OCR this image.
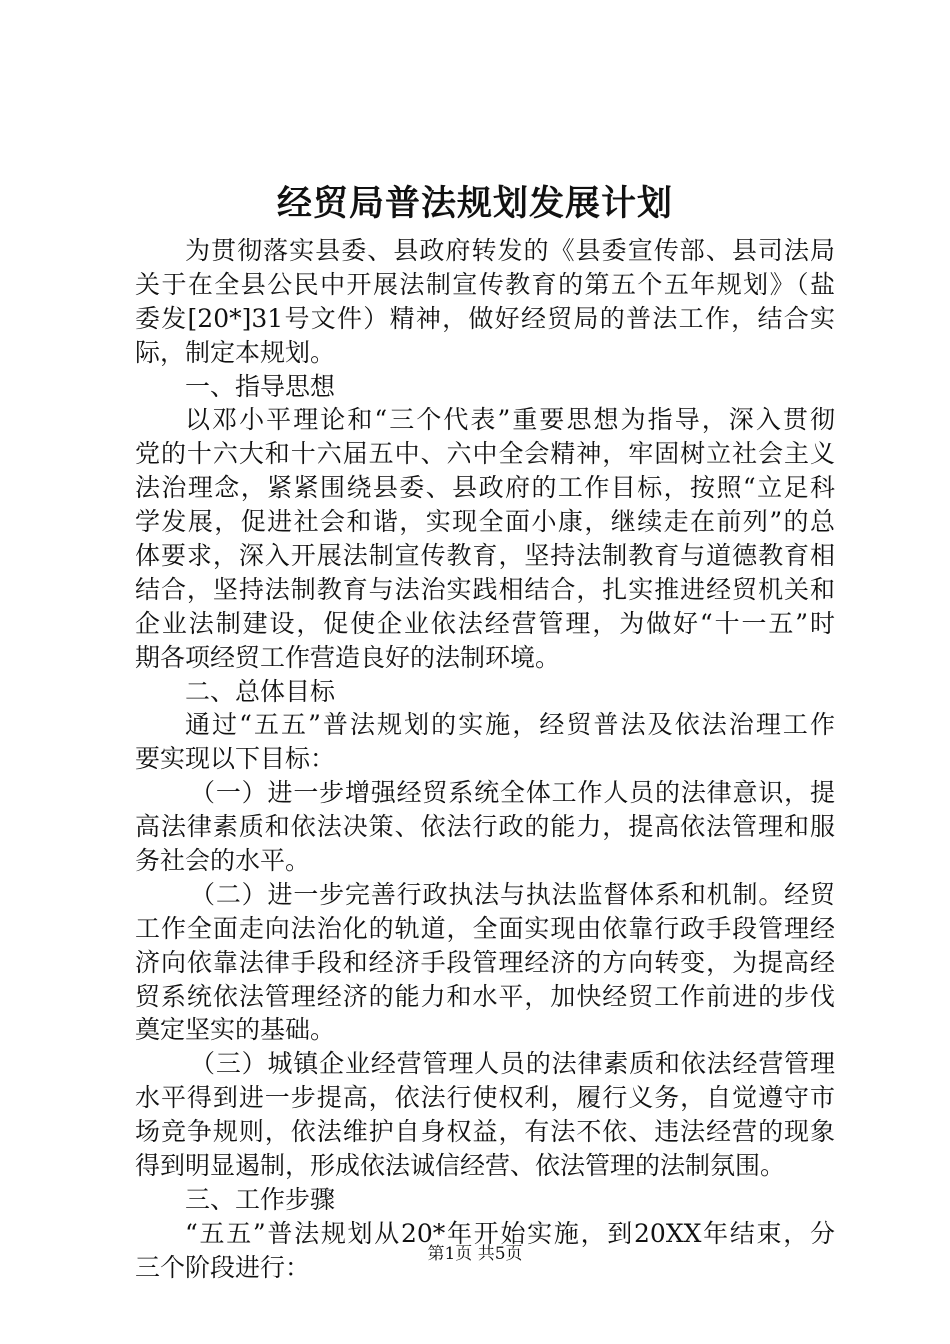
经贸局普法规划发展计划
为贯彻落实县委、县政府转发的《县委宣传部、县司法局
关于在全县公民中开展法制宣传教育的第五个五年规划》（盐
委发[20*]31号文件）精神，做好经贸局的普法工作，结合实
际，制定本规划。
一、指导思想
以邓小平理论和“三个代表”重要思想为指导，深入贯彻
党的十六大和十六届五中、六中全会精神，牢固树立社会主义
法治理念，紧紧围绕县委、县政府的工作目标，按照“立足科
学发展，促进社会和谐，实现全面小康，继续走在前列”的总
体要求，深入开展法制宣传教育，坚持法制教育与道德教育相
结合，坚持法制教育与法治实践相结合，扎实推进经贸机关和
企业法制建设，促使企业依法经营管理，为做好“十一五”时
期各项经贸工作营造良好的法制环境。
二、总体目标
通过“五五”普法规划的实施，经贸普法及依法治理工作
要实现以下目标：
（一）进一步增强经贸系统全体工作人员的法律意识，提
高法律素质和依法决策、依法行政的能力，提高依法管理和服
务社会的水平。
（二）进一步完善行政执法与执法监督体系和机制。经贸
工作全面走向法治化的轨道，全面实现由依靠行政手段管理经
济向依靠法律手段和经济手段管理经济的方向转变，为提高经
贸系统依法管理经济的能力和水平，加快经贸工作前进的步伐
奠定坚实的基础。
（三）城镇企业经营管理人员的法律素质和依法经营管理
水平得到进一步提高，依法行使权利，履行义务，自觉遵守市
场竞争规则，依法维护自身权益，有法不依、违法经营的现象
得到明显遏制，形成依法诚信经营、依法管理的法制氛围。
三、工作步骤
“五五”普法规划从20*年开始实施，到20XX年结束，分
三个阶段进行：	第1页 共5页
